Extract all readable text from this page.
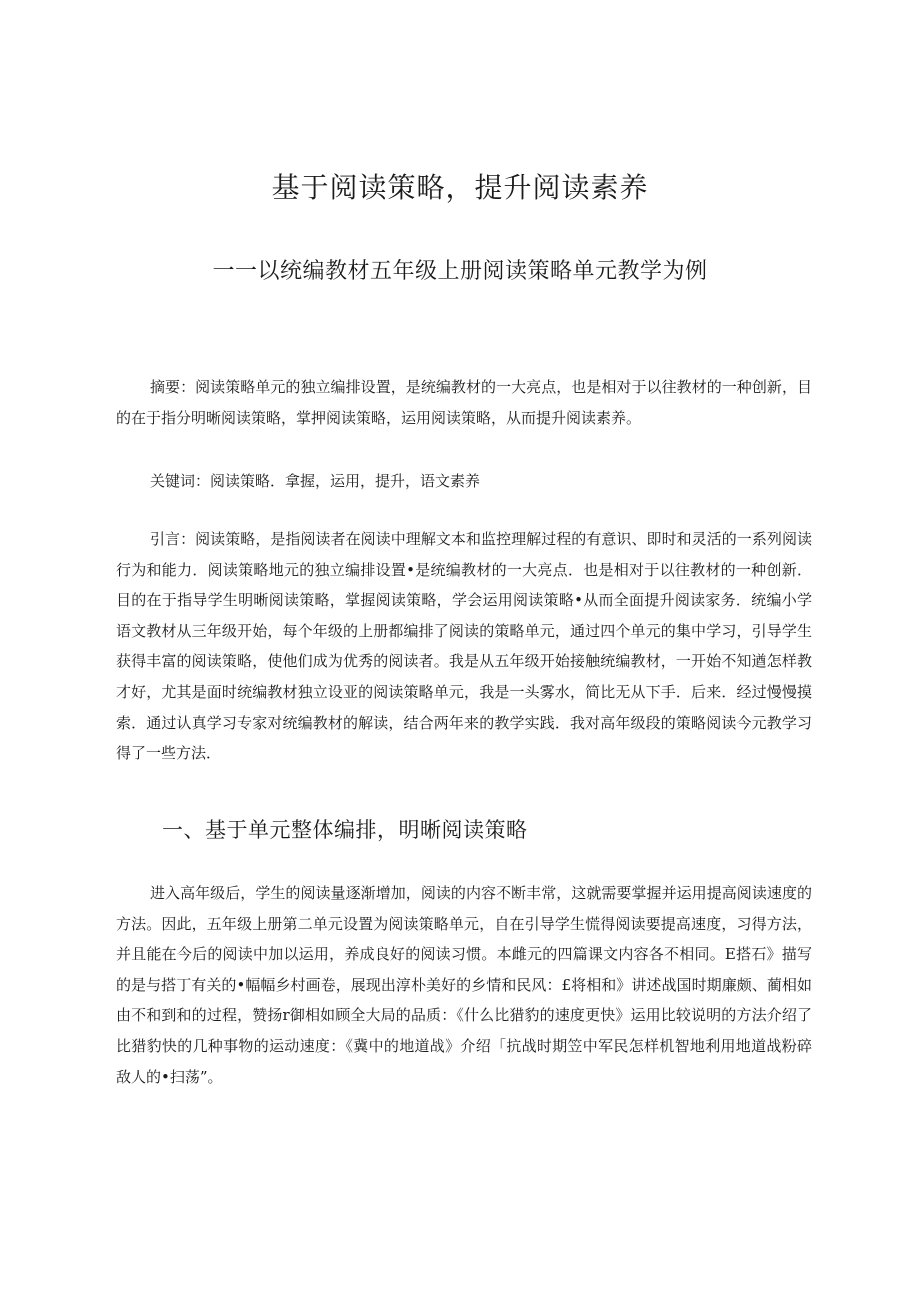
基于阅读策略，提升阅读素养
一一以统编教材五年级上册阅读策略单元教学为例

摘要：阅读策略单元的独立编排设置，是统编教材的一大亮点，也是相对于以往教材的一种创新，目的在于指分明晰阅读策略，掌押阅读策略，运用阅读策略，从而提升阅读素养。

关键词：阅读策略．拿握，运用，提升，语文素养

引言：阅读策略，是指阅读者在阅读中理解文本和监控理解过程的有意识、即时和灵活的一系列阅读行为和能力．阅读策略地元的独立编排设置•是统编教材的一大亮点．也是相对于以往教材的一种创新．目的在于指导学生明晰阅读策略，掌握阅读策略，学会运用阅读策略•从而全面提升阅读家务．统编小学语文教材从三年级开始，每个年级的上册都编排了阅读的策略单元，通过四个单元的集中学习，引导学生获得丰富的阅读策略，使他们成为优秀的阅读者。我是从五年级开始接触统编教材，一开始不知遒怎样教才好，尤其是面时统编教材独立设亚的阅读策略单元，我是一头雾水，简比无从下手．后来．经过慢慢摸索．通过认真学习专家对统编教材的解读，结合两年来的教学实践．我对高年级段的策略阅读今元教学习得了一些方法．

一、基于单元整体编排，明晰阅读策略

进入高年级后，学生的阅读量逐渐增加，阅读的内容不断丰常，这就需要掌握并运用提高阅读速度的方法。因此，五年级上册第二单元设置为阅读策略单元，自在引导学生慌得阅读要提高速度，习得方法，并且能在今后的阅读中加以运用，养成良好的阅读习惯。本雌元的四篇课文内容各不相同。E搭石》描写的是与搭丁有关的•幅幅乡村画卷，展现出淳朴美好的乡情和民风：£将相和》讲述战国时期廉颇、蔺相如由不和到和的过程，赞扬r御相如顾全大局的品质：《什么比猎豹的速度更快》运用比较说明的方法介绍了比猎豹快的几种事物的运动速度：《冀中的地道战》介绍「抗战时期笠中军民怎样机智地利用地道战粉碎敌人的•扫荡”。
